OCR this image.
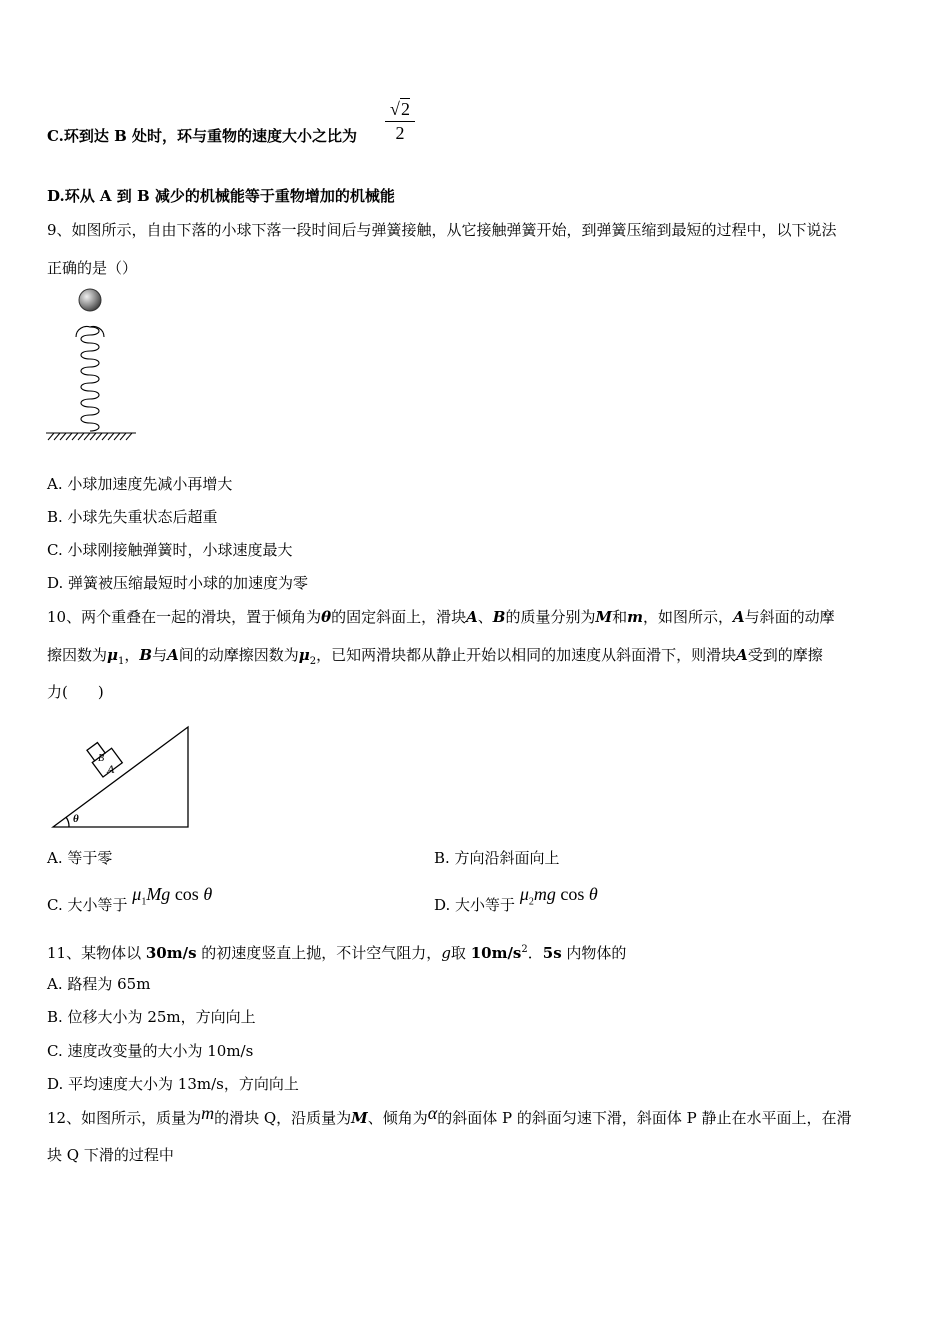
C.环到达 B 处时，环与重物的速度大小之比为 $\frac{√2}{2}$
D.环从 A 到 B 减少的机械能等于重物增加的机械能
9、如图所示，自由下落的小球下落一段时间后与弹簧接触，从它接触弹簧开始，到弹簧压缩到最短的过程中，以下说法
正确的是（）
A. 小球加速度先减小再增大
B. 小球先失重状态后超重
C. 小球刚接触弹簧时，小球速度最大
D. 弹簧被压缩最短时小球的加速度为零
10、两个重叠在一起的滑块，置于倾角为θ的固定斜面上，滑块A、B的质量分别为M和m，如图所示，A与斜面的动摩
擦因数为$\mu_1$，B与A间的动摩擦因数为$\mu_2$，已知两滑块都从静止开始以相同的加速度从斜面滑下，则滑块A受到的摩擦
力(　　)
θ
A
B
A. 等于零	B. 方向沿斜面向上
C. 大小等于 $\mu_1Mg$ cos θ
D. 大小等于 $\mu_2mg$ cos θ
11、某物体以 30m/s 的初速度竖直上抛，不计空气阻力，g取 $10m/s^2$．5s 内物体的
A. 路程为 65m
B. 位移大小为 25m，方向向上
C. 速度改变量的大小为 10m/s
D. 平均速度大小为 13m/s，方向向上
12、如图所示，质量为m的滑块 Q，沿质量为M、倾角为α的斜面体 P 的斜面匀速下滑，斜面体 P 静止在水平面上，在滑
块 Q 下滑的过程中
